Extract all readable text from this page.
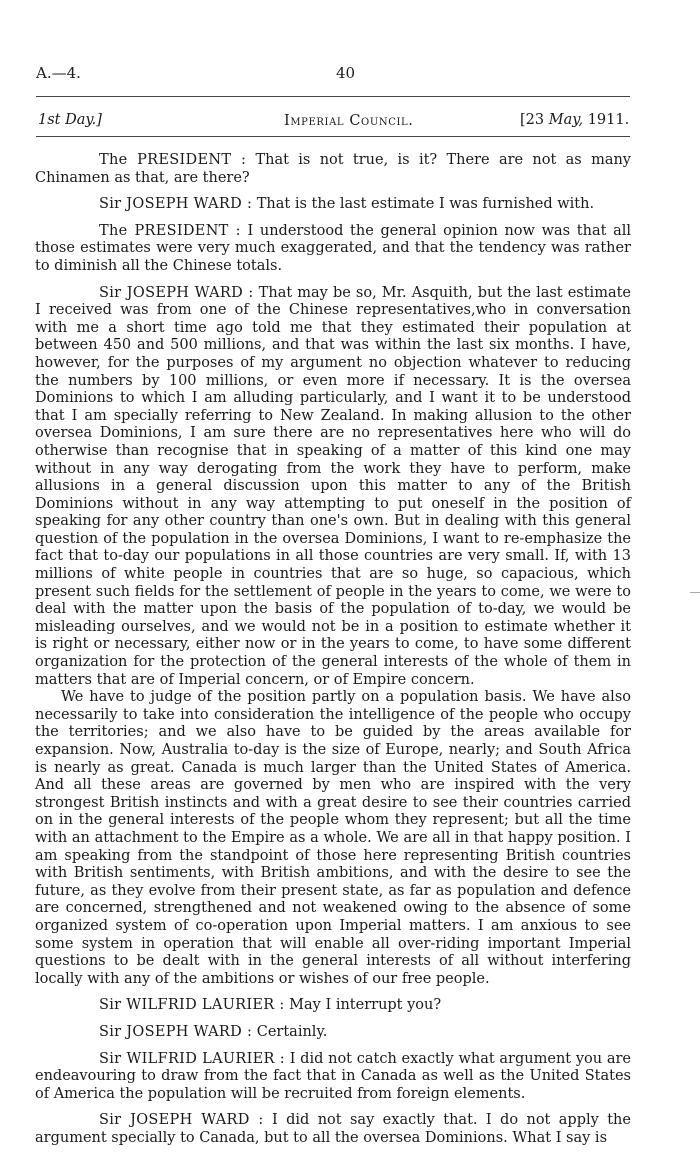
A.—4.	40
1st Day.]	Imperial Council.	[23 May, 1911.

The PRESIDENT : That is not true, is it? There are not as many Chinamen as that, are there?

Sir JOSEPH WARD : That is the last estimate I was furnished with.

The PRESIDENT : I understood the general opinion now was that all those estimates were very much exaggerated, and that the tendency was rather to diminish all the Chinese totals.

Sir JOSEPH WARD : That may be so, Mr. Asquith, but the last estimate I received was from one of the Chinese representatives,who in conversation with me a short time ago told me that they estimated their population at between 450 and 500 millions, and that was within the last six months. I have, however, for the purposes of my argument no objection whatever to reducing the numbers by 100 millions, or even more if necessary. It is the oversea Dominions to which I am alluding particularly, and I want it to be understood that I am specially referring to New Zealand. In making allusion to the other oversea Dominions, I am sure there are no representatives here who will do otherwise than recognise that in speaking of a matter of this kind one may without in any way derogating from the work they have to perform, make allusions in a general discussion upon this matter to any of the British Dominions without in any way attempting to put oneself in the position of speaking for any other country than one's own. But in dealing with this general question of the population in the oversea Dominions, I want to re-emphasize the fact that to-day our populations in all those countries are very small. If, with 13 millions of white people in countries that are so huge, so capacious, which present such fields for the settlement of people in the years to come, we were to deal with the matter upon the basis of the population of to-day, we would be misleading ourselves, and we would not be in a position to estimate whether it is right or necessary, either now or in the years to come, to have some different organization for the protection of the general interests of the whole of them in matters that are of Imperial concern, or of Empire concern.

We have to judge of the position partly on a population basis. We have also necessarily to take into consideration the intelligence of the people who occupy the territories; and we also have to be guided by the areas available for expansion. Now, Australia to-day is the size of Europe, nearly; and South Africa is nearly as great. Canada is much larger than the United States of America. And all these areas are governed by men who are inspired with the very strongest British instincts and with a great desire to see their countries carried on in the general interests of the people whom they represent; but all the time with an attachment to the Empire as a whole. We are all in that happy position. I am speaking from the standpoint of those here representing British countries with British sentiments, with British ambitions, and with the desire to see the future, as they evolve from their present state, as far as population and defence are concerned, strengthened and not weakened owing to the absence of some organized system of co-operation upon Imperial matters. I am anxious to see some system in operation that will enable all over-riding important Imperial questions to be dealt with in the general interests of all without interfering locally with any of the ambitions or wishes of our free people.

Sir WILFRID LAURIER : May I interrupt you?

Sir JOSEPH WARD : Certainly.

Sir WILFRID LAURIER : I did not catch exactly what argument you are endeavouring to draw from the fact that in Canada as well as the United States of America the population will be recruited from foreign elements.

Sir JOSEPH WARD : I did not say exactly that. I do not apply the argument specially to Canada, but to all the oversea Dominions. What I say is
